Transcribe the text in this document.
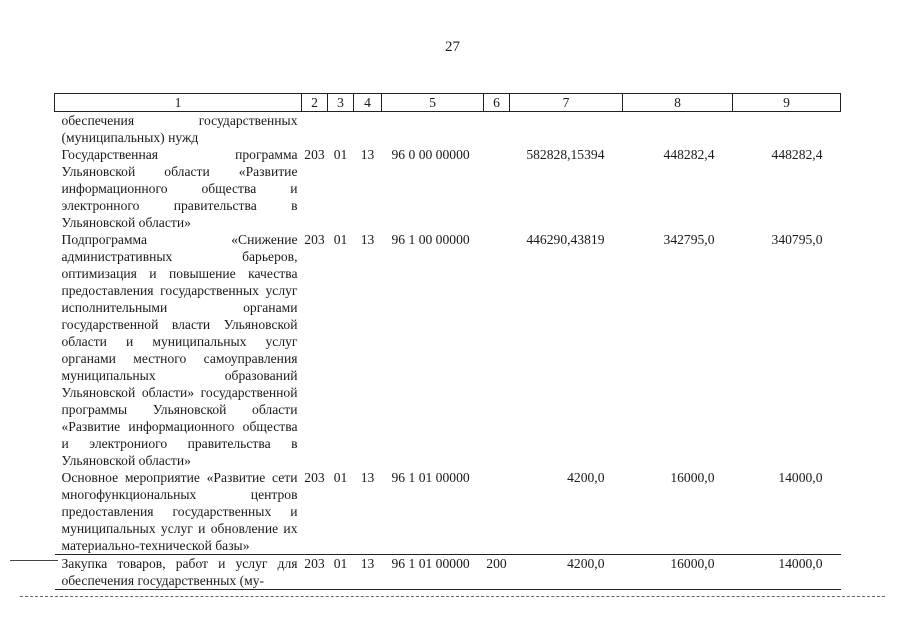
27
1	2	3	4	5	6	7	8	9
обеспечения государственных (муниципальных) нужд								
Государственная программа Ульяновской области «Развитие информационного общества и электронного правительства в Ульяновской области»	203	01	13	96 0 00 00000		582828,15394	448282,4	448282,4
Подпрограмма «Снижение административных барьеров, оптимизация и повышение качества предоставления государственных услуг исполнительными органами государственной власти Ульяновской области и муниципальных услуг органами местного самоуправления муниципальных образований Ульяновской области» государственной программы Ульяновской области «Развитие информационного общества и электрониого правительства в Ульяновской области»	203	01	13	96 1 00 00000		446290,43819	342795,0	340795,0
Основное мероприятие «Развитие сети многофункциональных центров предоставления государственных и муниципальных услуг и обновление их материально-технической базы»	203	01	13	96 1 01 00000		4200,0	16000,0	14000,0
Закупка товаров, работ и услуг для обеспечения государственных (му-	203	01	13	96 1 01 00000	200	4200,0	16000,0	14000,0
